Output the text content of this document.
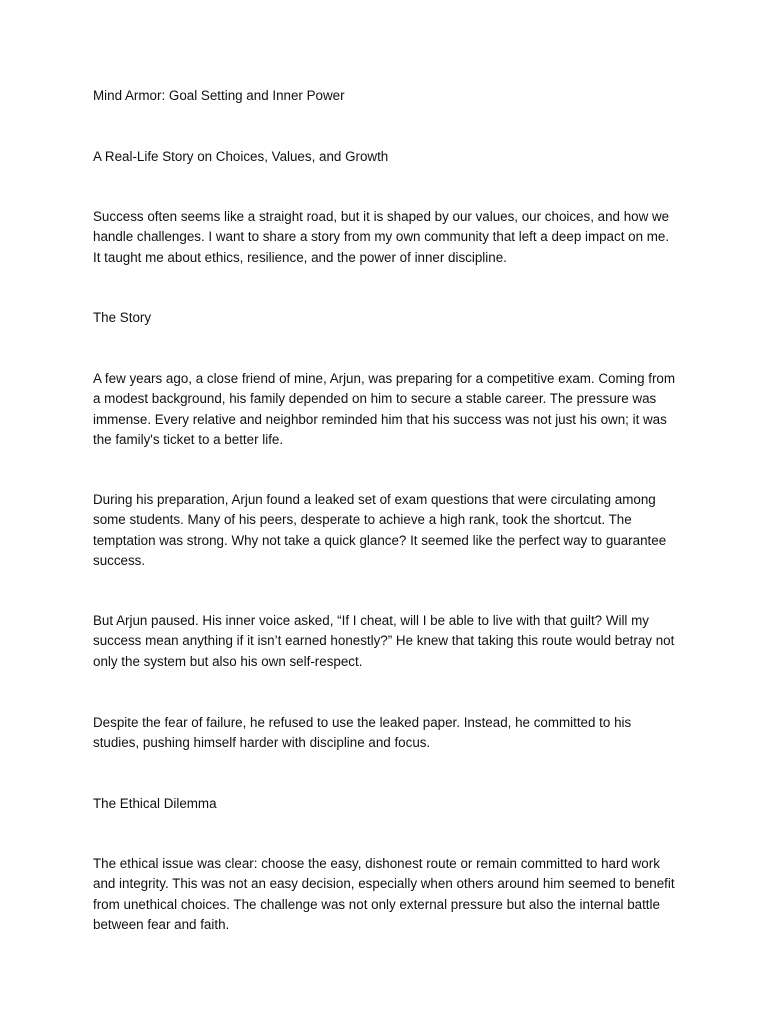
Mind Armor: Goal Setting and Inner Power

A Real-Life Story on Choices, Values, and Growth

Success often seems like a straight road, but it is shaped by our values, our choices, and how we handle challenges. I want to share a story from my own community that left a deep impact on me. It taught me about ethics, resilience, and the power of inner discipline.

The Story

A few years ago, a close friend of mine, Arjun, was preparing for a competitive exam. Coming from a modest background, his family depended on him to secure a stable career. The pressure was immense. Every relative and neighbor reminded him that his success was not just his own; it was the family's ticket to a better life.

During his preparation, Arjun found a leaked set of exam questions that were circulating among some students. Many of his peers, desperate to achieve a high rank, took the shortcut. The temptation was strong. Why not take a quick glance? It seemed like the perfect way to guarantee success.

But Arjun paused. His inner voice asked, “If I cheat, will I be able to live with that guilt? Will my success mean anything if it isn’t earned honestly?” He knew that taking this route would betray not only the system but also his own self-respect.

Despite the fear of failure, he refused to use the leaked paper. Instead, he committed to his studies, pushing himself harder with discipline and focus.

The Ethical Dilemma

The ethical issue was clear: choose the easy, dishonest route or remain committed to hard work and integrity. This was not an easy decision, especially when others around him seemed to benefit from unethical choices. The challenge was not only external pressure but also the internal battle between fear and faith.
